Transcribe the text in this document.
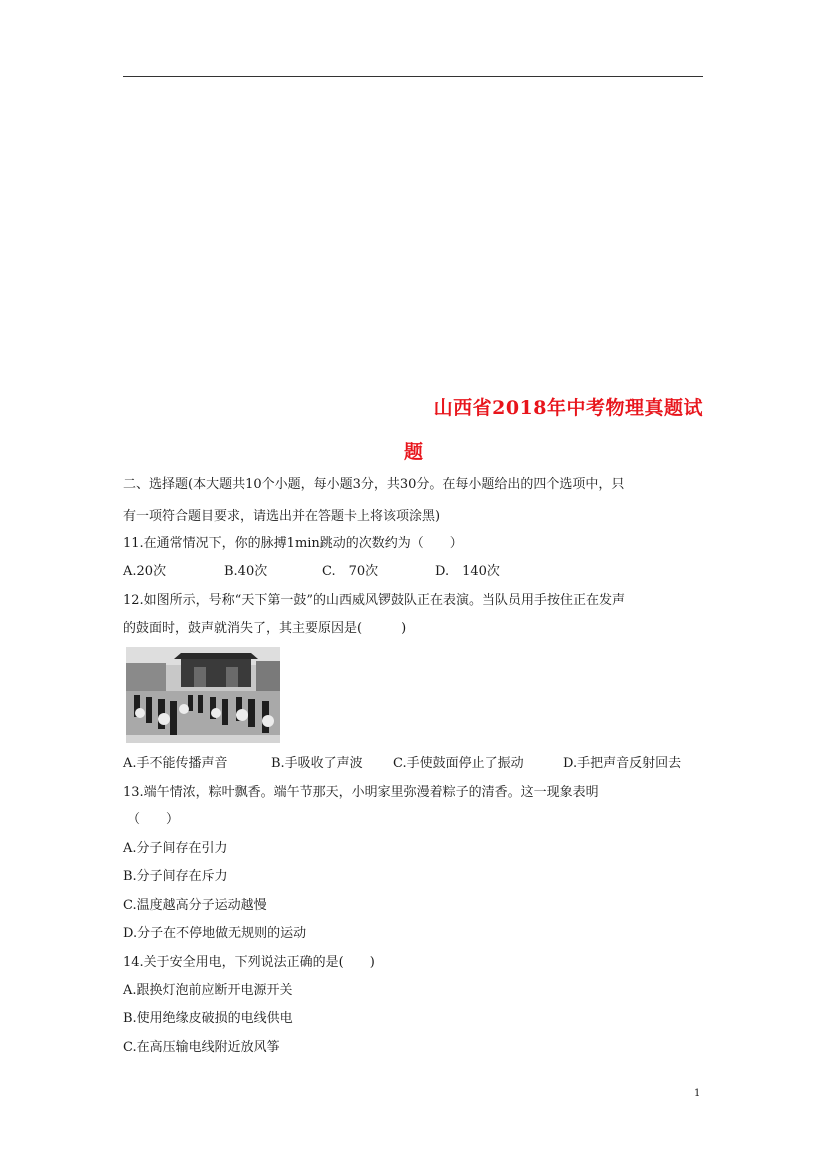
山西省2018年中考物理真题试
题
二、选择题(本大题共10个小题，每小题3分，共30分。在每小题给出的四个选项中，只
有一项符合题目要求，请选出并在答题卡上将该项涂黑)
11.在通常情况下，你的脉搏1min跳动的次数约为（　　）
A.20次	B.40次	C.　70次	D.　140次
12.如图所示，号称“天下第一鼓”的山西威风锣鼓队正在表演。当队员用手按住正在发声
的鼓面时，鼓声就消失了，其主要原因是(　　　)
A.手不能传播声音	B.手吸收了声波 C.手使鼓面停止了振动	D.手把声音反射回去
13.端午情浓，粽叶飘香。端午节那天，小明家里弥漫着粽子的清香。这一现象表明
（　　）
A.分子间存在引力
B.分子间存在斥力
C.温度越高分子运动越慢
D.分子在不停地做无规则的运动
14.关于安全用电，下列说法正确的是(　　)
A.跟换灯泡前应断开电源开关
B.使用绝缘皮破损的电线供电
C.在高压输电线附近放风筝
1
